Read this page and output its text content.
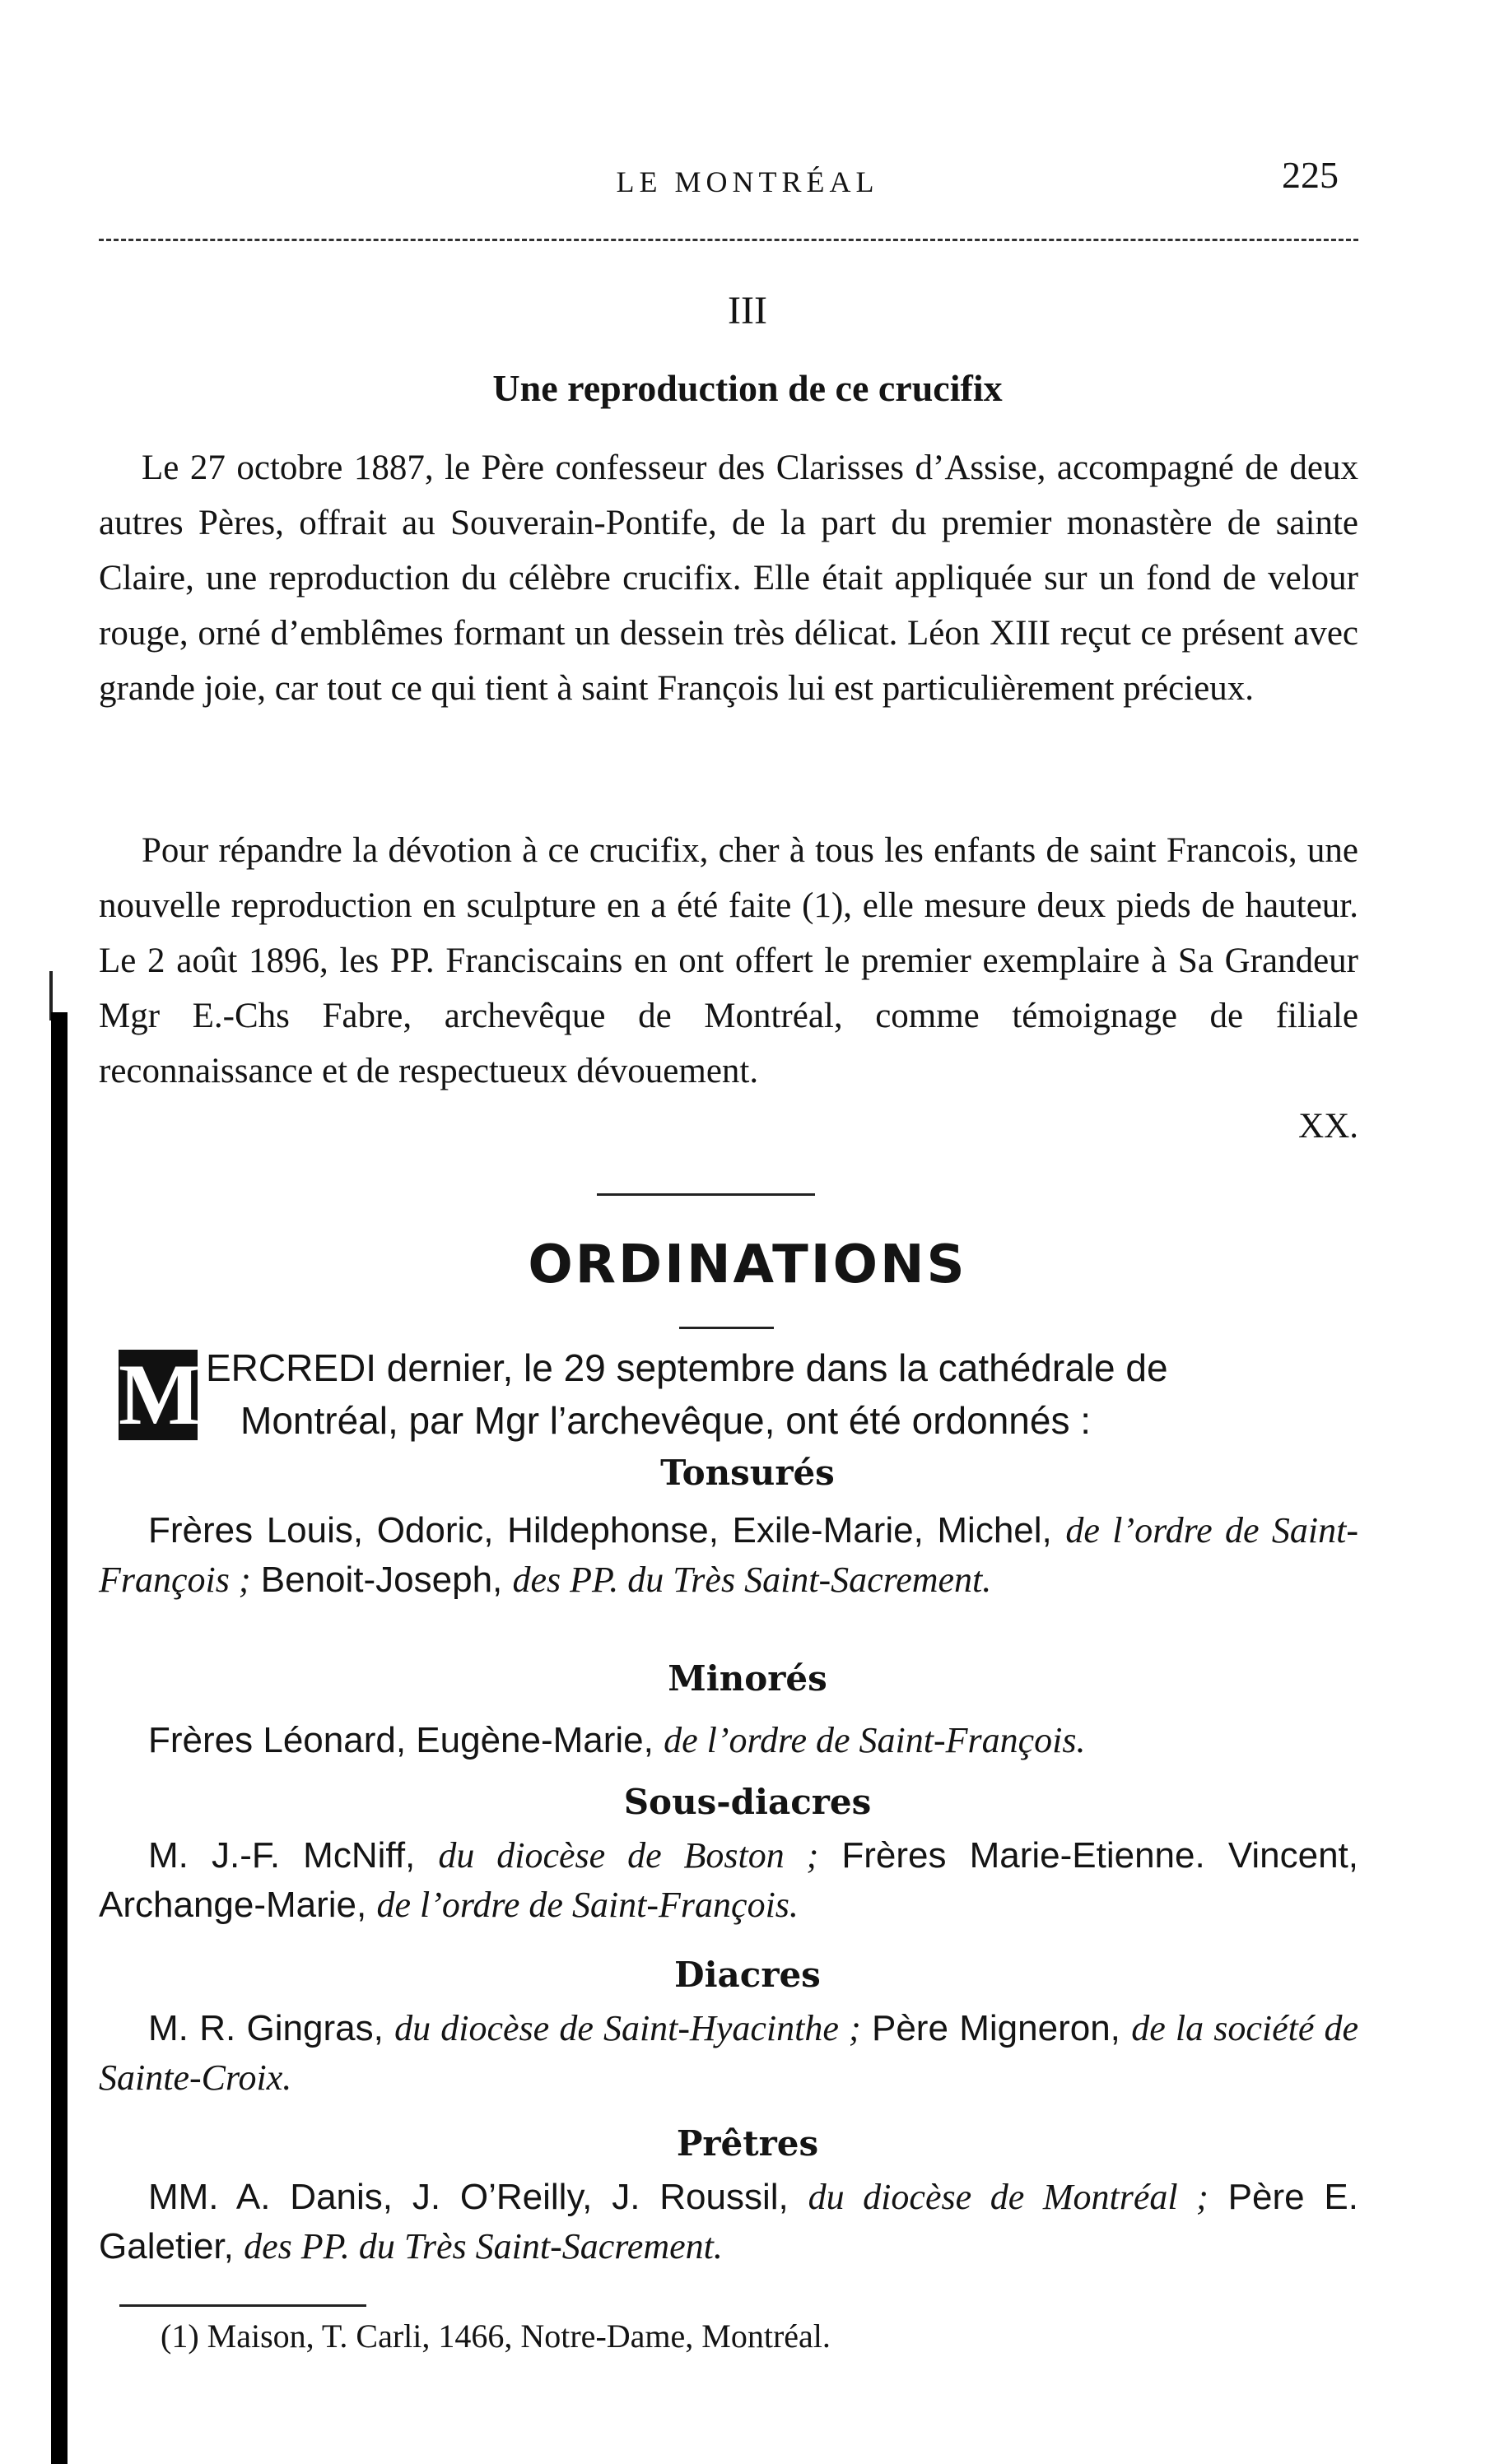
LE MONTRÉAL	225
III
Une reproduction de ce crucifix

Le 27 octobre 1887, le Père confesseur des Clarisses d’Assise, accompagné de deux autres Pères, offrait au Souverain-Pontife, de la part du premier monastère de sainte Claire, une reproduction du célèbre crucifix. Elle était appliquée sur un fond de velour rouge, orné d’emblêmes formant un dessein très délicat. Léon XIII reçut ce présent avec grande joie, car tout ce qui tient à saint François lui est particulièrement précieux.

Pour répandre la dévotion à ce crucifix, cher à tous les enfants de saint Francois, une nouvelle reproduction en sculpture en a été faite (1), elle mesure deux pieds de hauteur. Le 2 août 1896, les PP. Franciscains en ont offert le premier exemplaire à Sa Grandeur Mgr E.-Chs Fabre, archevêque de Montréal, comme témoignage de filiale reconnaissance et de respectueux dévouement.

XX.
ORDINATIONS
M ERCREDI dernier, le 29 septembre dans la cathédrale de
Montréal, par Mgr l’archevêque, ont été ordonnés :
Tonsurés

Frères Louis, Odoric, Hildephonse, Exile-Marie, Michel, de l’ordre de Saint-François ; Benoit-Joseph, des PP. du Très Saint-Sacrement.

Minorés

Frères Léonard, Eugène-Marie, de l’ordre de Saint-François.

Sous-diacres

M. J.-F. McNiff, du diocèse de Boston ; Frères Marie-Etienne. Vincent, Archange-Marie, de l’ordre de Saint-François.

Diacres

M. R. Gingras, du diocèse de Saint-Hyacinthe ; Père Migneron, de la société de Sainte-Croix.

Prêtres

MM. A. Danis, J. O’Reilly, J. Roussil, du diocèse de Montréal ; Père E. Galetier, des PP. du Très Saint-Sacrement.

(1) Maison, T. Carli, 1466, Notre-Dame, Montréal.
